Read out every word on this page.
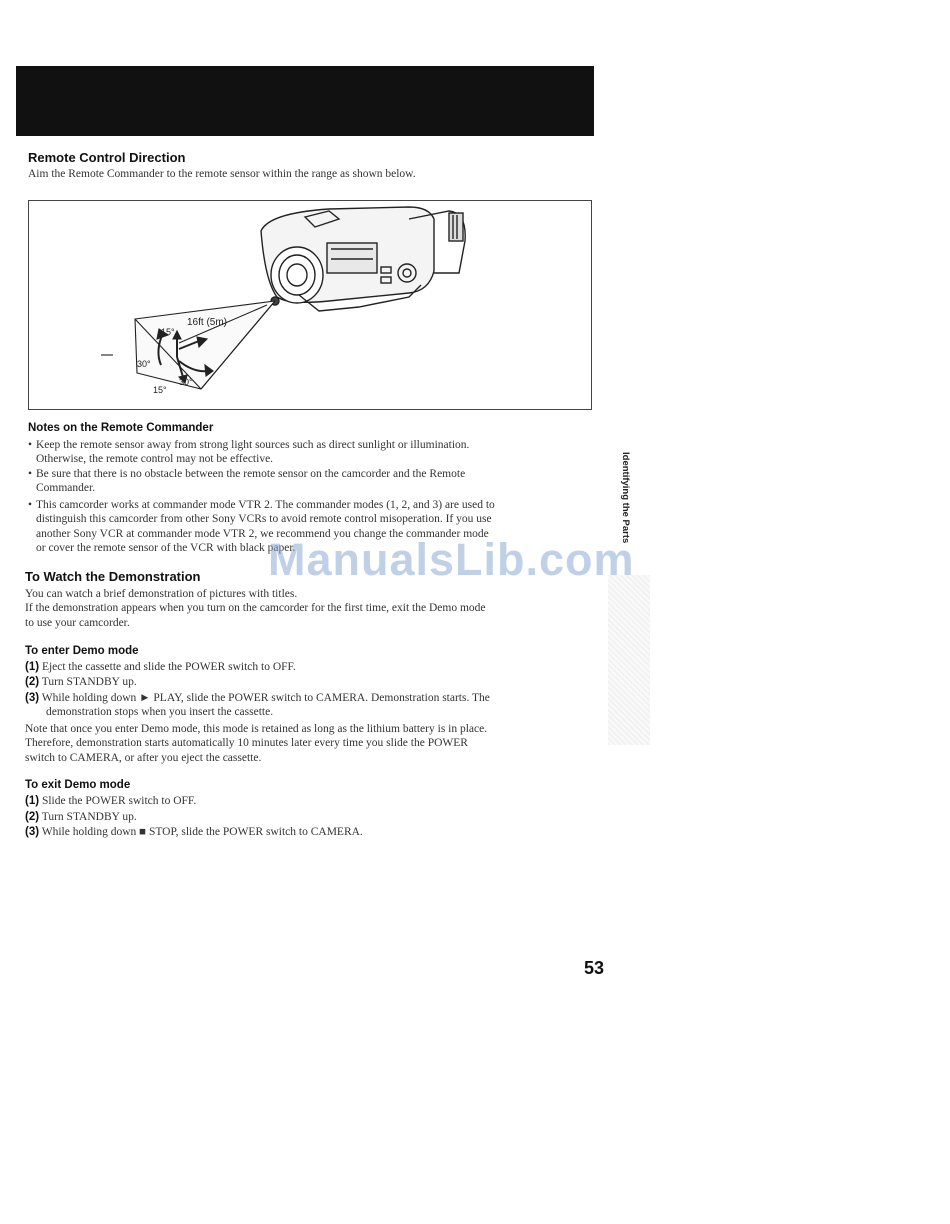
Remote Control Direction
Aim the Remote Commander to the remote sensor within the range as shown below.
16ft (5m)
15°
30°
30°
15°
Notes on the Remote Commander
• Keep the remote sensor away from strong light sources such as direct sunlight or illumination.
Otherwise, the remote control may not be effective.
• Be sure that there is no obstacle between the remote sensor on the camcorder and the Remote
Commander.
• This camcorder works at commander mode VTR 2. The commander modes (1, 2, and 3) are used to
distinguish this camcorder from other Sony VCRs to avoid remote control misoperation. If you use
another Sony VCR at commander mode VTR 2, we recommend you change the commander mode
or cover the remote sensor of the VCR with black paper.
To Watch the Demonstration
You can watch a brief demonstration of pictures with titles.
If the demonstration appears when you turn on the camcorder for the first time, exit the Demo mode
to use your camcorder.
To enter Demo mode
(1) Eject the cassette and slide the POWER switch to OFF.
(2) Turn STANDBY up.
(3) While holding down ► PLAY, slide the POWER switch to CAMERA. Demonstration starts. The
demonstration stops when you insert the cassette.
Note that once you enter Demo mode, this mode is retained as long as the lithium battery is in place.
Therefore, demonstration starts automatically 10 minutes later every time you slide the POWER
switch to CAMERA, or after you eject the cassette.
To exit Demo mode
(1) Slide the POWER switch to OFF.
(2) Turn STANDBY up.
(3) While holding down ■ STOP, slide the POWER switch to CAMERA.
Identifying the Parts
ManualsLib.com
53
